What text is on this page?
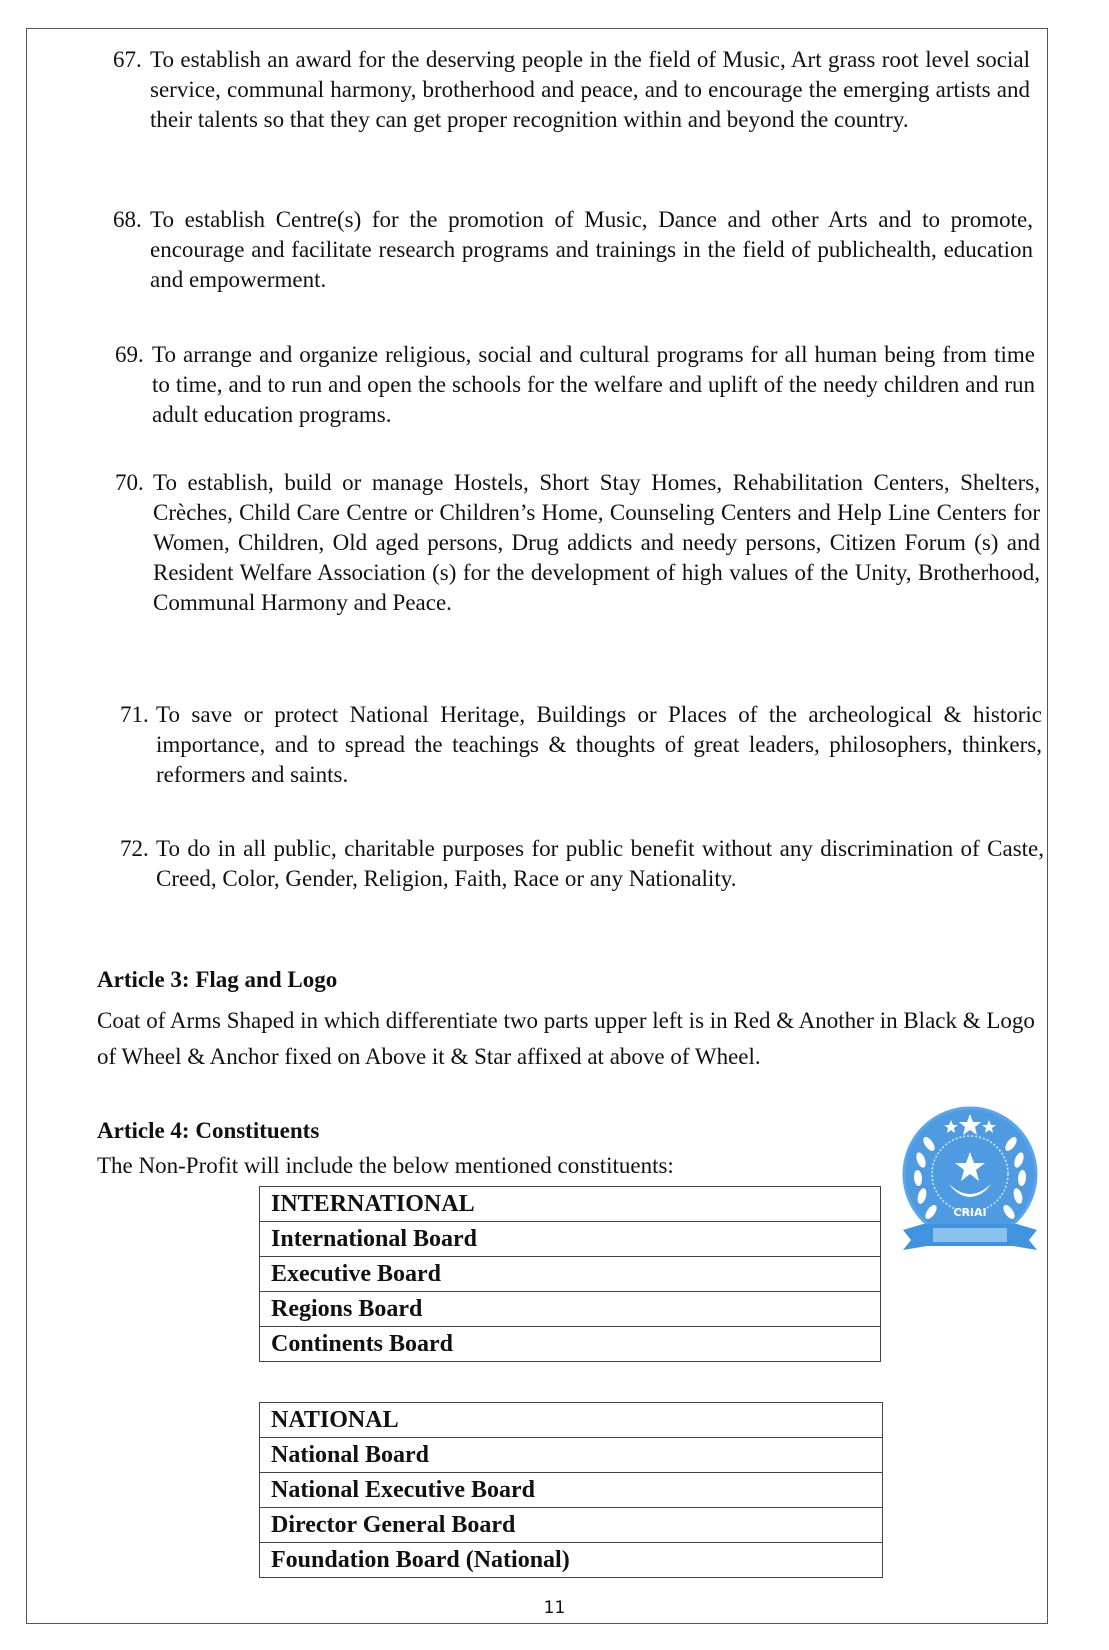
67. To establish an award for the deserving people in the field of Music, Art grass root level social service, communal harmony, brotherhood and peace, and to encourage the emerging artists and their talents so that they can get proper recognition within and beyond the country.
68. To establish Centre(s) for the promotion of Music, Dance and other Arts and to promote, encourage and facilitate research programs and trainings in the field of publichealth, education and empowerment.
69. To arrange and organize religious, social and cultural programs for all human being from time to time, and to run and open the schools for the welfare and uplift of the needy children and run adult education programs.
70. To establish, build or manage Hostels, Short Stay Homes, Rehabilitation Centers, Shelters, Crèches, Child Care Centre or Children’s Home, Counseling Centers and Help Line Centers for Women, Children, Old aged persons, Drug addicts and needy persons, Citizen Forum (s) and Resident Welfare Association (s) for the development of high values of the Unity, Brotherhood, Communal Harmony and Peace.
71. To save or protect National Heritage, Buildings or Places of the archeological & historic importance, and to spread the teachings & thoughts of great leaders, philosophers, thinkers, reformers and saints.
72. To do in all public, charitable purposes for public benefit without any discrimination of Caste, Creed, Color, Gender, Religion, Faith, Race or any Nationality.
Article 3: Flag and Logo
Coat of Arms Shaped in which differentiate two parts upper left is in Red & Another in Black & Logo of Wheel & Anchor fixed on Above it & Star affixed at above of Wheel.
Article 4: Constituents
The Non-Profit will include the below mentioned constituents:
INTERNATIONAL
International Board
Executive Board
Regions Board
Continents Board
NATIONAL
National Board
National Executive Board
Director General Board
Foundation Board (National)
CRIAI
11
